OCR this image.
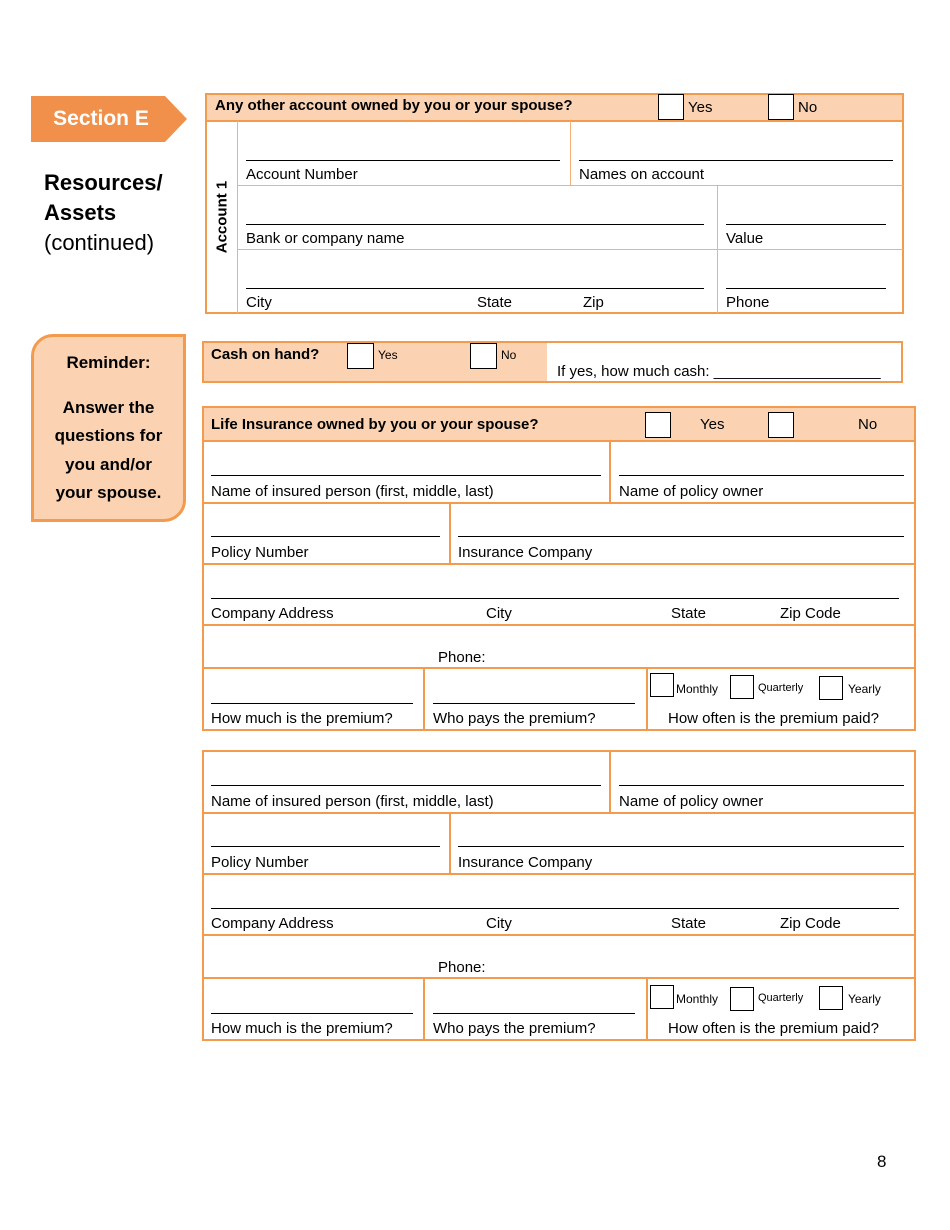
Section E
Resources/
Assets
(continued)
Reminder:
Answer the
questions for
you and/or
your spouse.
Any other account owned by you or your spouse?	Yes	No
Account 1
Account Number	Names on account
Bank or company name	Value
City	State	Zip	Phone
Cash on hand?	Yes	No
If yes, how much cash: ____________________
Life Insurance owned by you or your spouse?	Yes	No
Name of insured person (first, middle, last)	Name of policy owner
Policy Number	Insurance Company
Company Address	City	State	Zip Code
Phone:
How much is the premium?	Who pays the premium?
Monthly	Quarterly	Yearly
How often is the premium paid?
Name of insured person (first, middle, last)	Name of policy owner
Policy Number	Insurance Company
Company Address	City	State	Zip Code
Phone:
How much is the premium?	Who pays the premium?
Monthly	Quarterly	Yearly
How often is the premium paid?
8
